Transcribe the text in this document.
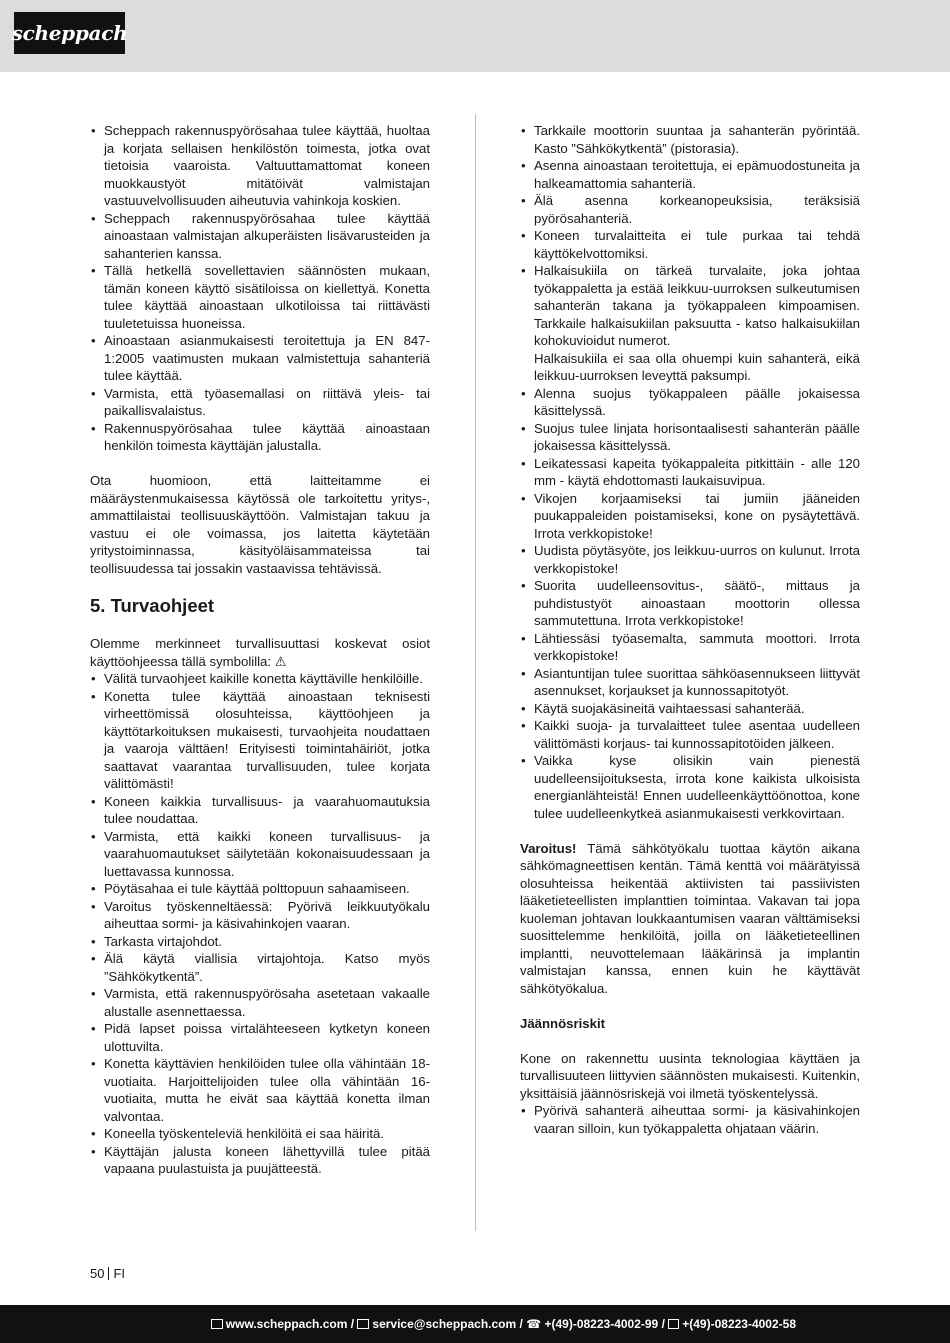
scheppach
• Scheppach rakennuspyörösahaa tulee käyttää, huoltaa ja korjata sellaisen henkilöstön toimesta, jotka ovat tietoisia vaaroista. Valtuuttamattomat koneen muokkaustyöt mitätöivät valmistajan vastuuvelvollisuuden aiheutuvia vahinkoja koskien.
• Scheppach rakennuspyörösahaa tulee käyttää ainoastaan valmistajan alkuperäisten lisävarusteiden ja sahanterien kanssa.
• Tällä hetkellä sovellettavien säännösten mukaan, tämän koneen käyttö sisätiloissa on kiellettyä. Konetta tulee käyttää ainoastaan ulkotiloissa tai riittävästi tuuletetuissa huoneissa.
• Ainoastaan asianmukaisesti teroitettuja ja EN 847-1:2005 vaatimusten mukaan valmistettuja sahanteriä tulee käyttää.
• Varmista, että työasemallasi on riittävä yleis- tai paikallisvalaistus.
• Rakennuspyörösahaa tulee käyttää ainoastaan henkilön toimesta käyttäjän jalustalla.

Ota huomioon, että laitteitamme ei määräystenmukaisessa käytössä ole tarkoitettu yritys-, ammattilaistai teollisuuskäyttöön. Valmistajan takuu ja vastuu ei ole voimassa, jos laitetta käytetään yritystoiminnassa, käsityöläisammateissa tai teollisuudessa tai jossakin vastaavissa tehtävissä.

5. Turvaohjeet

Olemme merkinneet turvallisuuttasi koskevat osiot käyttöohjeessa tällä symbolilla: ⚠

• Välitä turvaohjeet kaikille konetta käyttäville henkilöille.
• Konetta tulee käyttää ainoastaan teknisesti virheettömissä olosuhteissa, käyttöohjeen ja käyttötarkoituksen mukaisesti, turvaohjeita noudattaen ja vaaroja välttäen! Erityisesti toimintahäiriöt, jotka saattavat vaarantaa turvallisuuden, tulee korjata välittömästi!
• Koneen kaikkia turvallisuus- ja vaarahuomautuksia tulee noudattaa.
• Varmista, että kaikki koneen turvallisuus- ja vaarahuomautukset säilytetään kokonaisuudessaan ja luettavassa kunnossa.
• Pöytäsahaa ei tule käyttää polttopuun sahaamiseen.
• Varoitus työskenneltäessä: Pyörivä leikkuutyökalu aiheuttaa sormi- ja käsivahinkojen vaaran.
• Tarkasta virtajohdot.
• Älä käytä viallisia virtajohtoja. Katso myös ”Sähkökytkentä”.
• Varmista, että rakennuspyörösaha asetetaan vakaalle alustalle asennettaessa.
• Pidä lapset poissa virtalähteeseen kytketyn koneen ulottuvilta.
• Konetta käyttävien henkilöiden tulee olla vähintään 18-vuotiaita. Harjoittelijoiden tulee olla vähintään 16-vuotiaita, mutta he eivät saa käyttää konetta ilman valvontaa.
• Koneella työskenteleviä henkilöitä ei saa häiritä.
• Käyttäjän jalusta koneen lähettyvillä tulee pitää vapaana puulastuista ja puujätteestä.
• Tarkkaile moottorin suuntaa ja sahanterän pyörintää. Kasto ”Sähkökytkentä” (pistorasia).
• Asenna ainoastaan teroitettuja, ei epämuodostuneita ja halkeamattomia sahanteriä.
• Älä asenna korkeanopeuksisia, teräksisiä pyörösahanteriä.
• Koneen turvalaitteita ei tule purkaa tai tehdä käyttökelvottomiksi.
• Halkaisukiila on tärkeä turvalaite, joka johtaa työkappaletta ja estää leikkuu-uurroksen sulkeutumisen sahanterän takana ja työkappaleen kimpoamisen. Tarkkaile halkaisukiilan paksuutta - katso halkaisukiilan kohokuvioidut numerot.
Halkaisukiila ei saa olla ohuempi kuin sahanterä, eikä leikkuu-uurroksen leveyttä paksumpi.
• Alenna suojus työkappaleen päälle jokaisessa käsittelyssä.
• Suojus tulee linjata horisontaalisesti sahanterän päälle jokaisessa käsittelyssä.
• Leikatessasi kapeita työkappaleita pitkittäin - alle 120 mm - käytä ehdottomasti laukaisuvipua.
• Vikojen korjaamiseksi tai jumiin jääneiden puukappaleiden poistamiseksi, kone on pysäytettävä. Irrota verkkopistoke!
• Uudista pöytäsyöte, jos leikkuu-uurros on kulunut. Irrota verkkopistoke!
• Suorita uudelleensovitus-, säätö-, mittaus ja puhdistustyöt ainoastaan moottorin ollessa sammutettuna. Irrota verkkopistoke!
• Lähtiessäsi työasemalta, sammuta moottori. Irrota verkkopistoke!
• Asiantuntijan tulee suorittaa sähköasennukseen liittyvät asennukset, korjaukset ja kunnossapitotyöt.
• Käytä suojakäsineitä vaihtaessasi sahanterää.
• Kaikki suoja- ja turvalaitteet tulee asentaa uudelleen välittömästi korjaus- tai kunnossapitotöiden jälkeen.
• Vaikka kyse olisikin vain pienestä uudelleensijoituksesta, irrota kone kaikista ulkoisista energianlähteistä! Ennen uudelleenkäyttöönottoa, kone tulee uudelleenkytkeä asianmukaisesti verkkovirtaan.

Varoitus! Tämä sähkötyökalu tuottaa käytön aikana sähkömagneettisen kentän. Tämä kenttä voi määrätyissä olosuhteissa heikentää aktiivisten tai passiivisten lääketieteellisten implanttien toimintaa. Vakavan tai jopa kuoleman johtavan loukkaantumisen vaaran välttämiseksi suosittelemme henkilöitä, joilla on lääketieteellinen implantti, neuvottelemaan lääkärinsä ja implantin valmistajan kanssa, ennen kuin he käyttävät sähkötyökalua.

Jäännösriskit

Kone on rakennettu uusinta teknologiaa käyttäen ja turvallisuuteen liittyvien säännösten mukaisesti. Kuitenkin, yksittäisiä jäännösriskejä voi ilmetä työskentelyssä.

• Pyörivä sahanterä aiheuttaa sormi- ja käsivahinkojen vaaran silloin, kun työkappaletta ohjataan väärin.
50 FI
www.scheppach.com / service@scheppach.com / ☎ +(49)-08223-4002-99 / +(49)-08223-4002-58
